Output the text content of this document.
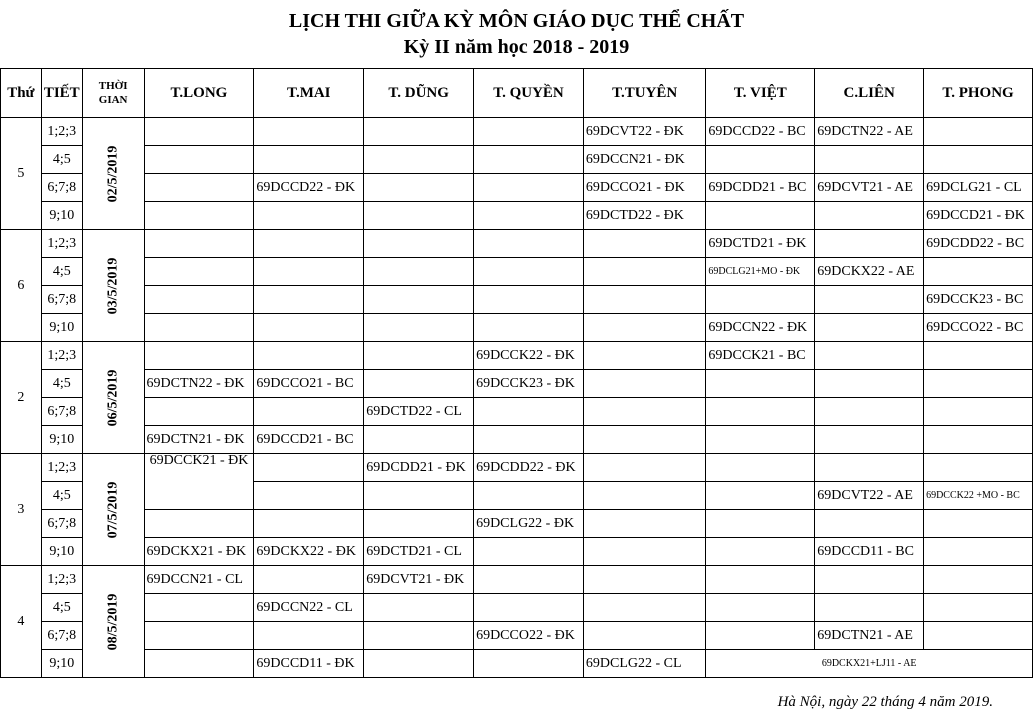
LỊCH THI GIỮA KỲ MÔN GIÁO DỤC THỂ CHẤT
Kỳ II năm học 2018 - 2019
Thứ	TIẾT	THỜI GIAN	T.LONG	T.MAI	T. DŨNG	T. QUYỀN	T.TUYÊN	T. VIỆT	C.LIÊN	T. PHONG
5	1;2;3	02/5/2019					69DCVT22 - ĐK	69DCCD22 - BC	69DCTN22 - AE	
	4;5						69DCCN21 - ĐK			
	6;7;8			69DCCD22 - ĐK			69DCCO21 - ĐK	69DCDD21 - BC	69DCVT21 - AE	69DCLG21 - CL
	9;10						69DCTD22 - ĐK			69DCCD21 - ĐK
6	1;2;3	03/5/2019						69DCTD21 - ĐK		69DCDD22 - BC
	4;5							69DCLG21+MO - ĐK	69DCKX22 - AE	
	6;7;8									69DCCK23 - BC
	9;10							69DCCN22 - ĐK		69DCCO22 - BC
2	1;2;3	06/5/2019				69DCCK22 - ĐK		69DCCK21 - BC		
	4;5		69DCTN22 - ĐK	69DCCO21 - BC		69DCCK23 - ĐK				
	6;7;8				69DCTD22 - CL					
	9;10		69DCTN21 - ĐK	69DCCD21 - BC						
3	1;2;3	07/5/2019	69DCCK21 - ĐK		69DCDD21 - ĐK	69DCDD22 - ĐK				
	4;5								69DCVT22 - AE	69DCCK22 +MO - BC
	6;7;8					69DCLG22 - ĐK				
	9;10		69DCKX21 - ĐK	69DCKX22 - ĐK	69DCTD21 - CL				69DCCD11 - BC	
4	1;2;3	08/5/2019	69DCCN21 - CL		69DCVT21 - ĐK					
	4;5			69DCCN22 - CL						
	6;7;8					69DCCO22 - ĐK			69DCTN21 - AE	
	9;10			69DCCD11 - ĐK			69DCLG22 - CL	69DCKX21+LJ11 - AE		
Hà Nội, ngày 22 tháng 4 năm 2019.
